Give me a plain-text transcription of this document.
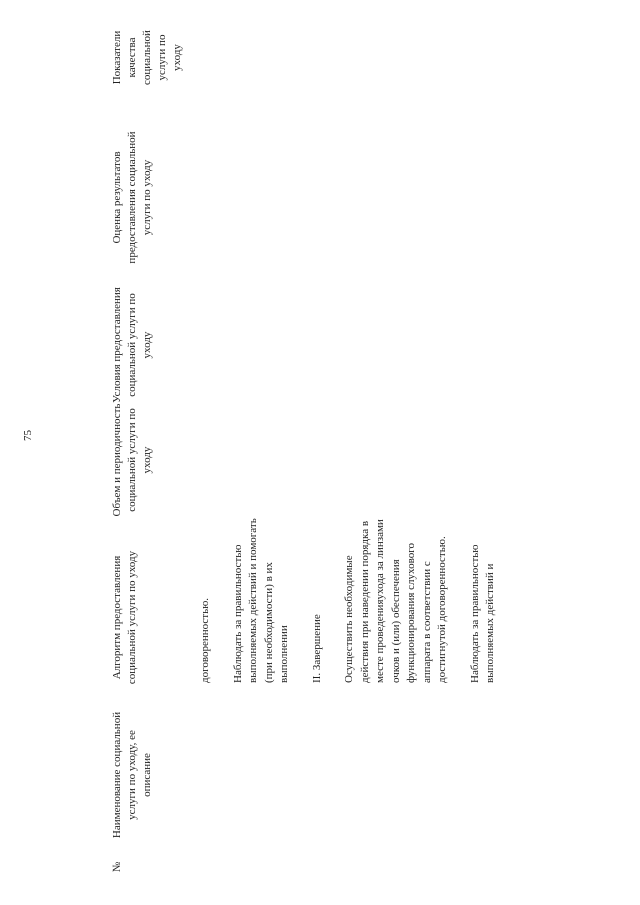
75
№
Наименование социальной услуги по уходу, ее описание
Алгоритм предоставления социальной услуги по уходу
Объем и периодичность социальной услуги по уходу
Условия предоставления социальной услуги по уходу
Оценка результатов предоставления социальной услуги по уходу
Показатели качества социальной услуги по уходу

договоренностью. Наблюдать за правильностью выполняемых действий и помогать (при необходимости) в их выполнении II. Завершение Осуществить необходимые действия при наведении порядка в месте проведенияухода за линзами очков и (или) обеспечения функционирования слухового аппарата в соответствии с достигнутой договоренностью. Наблюдать за правильностью выполняемых действий и
